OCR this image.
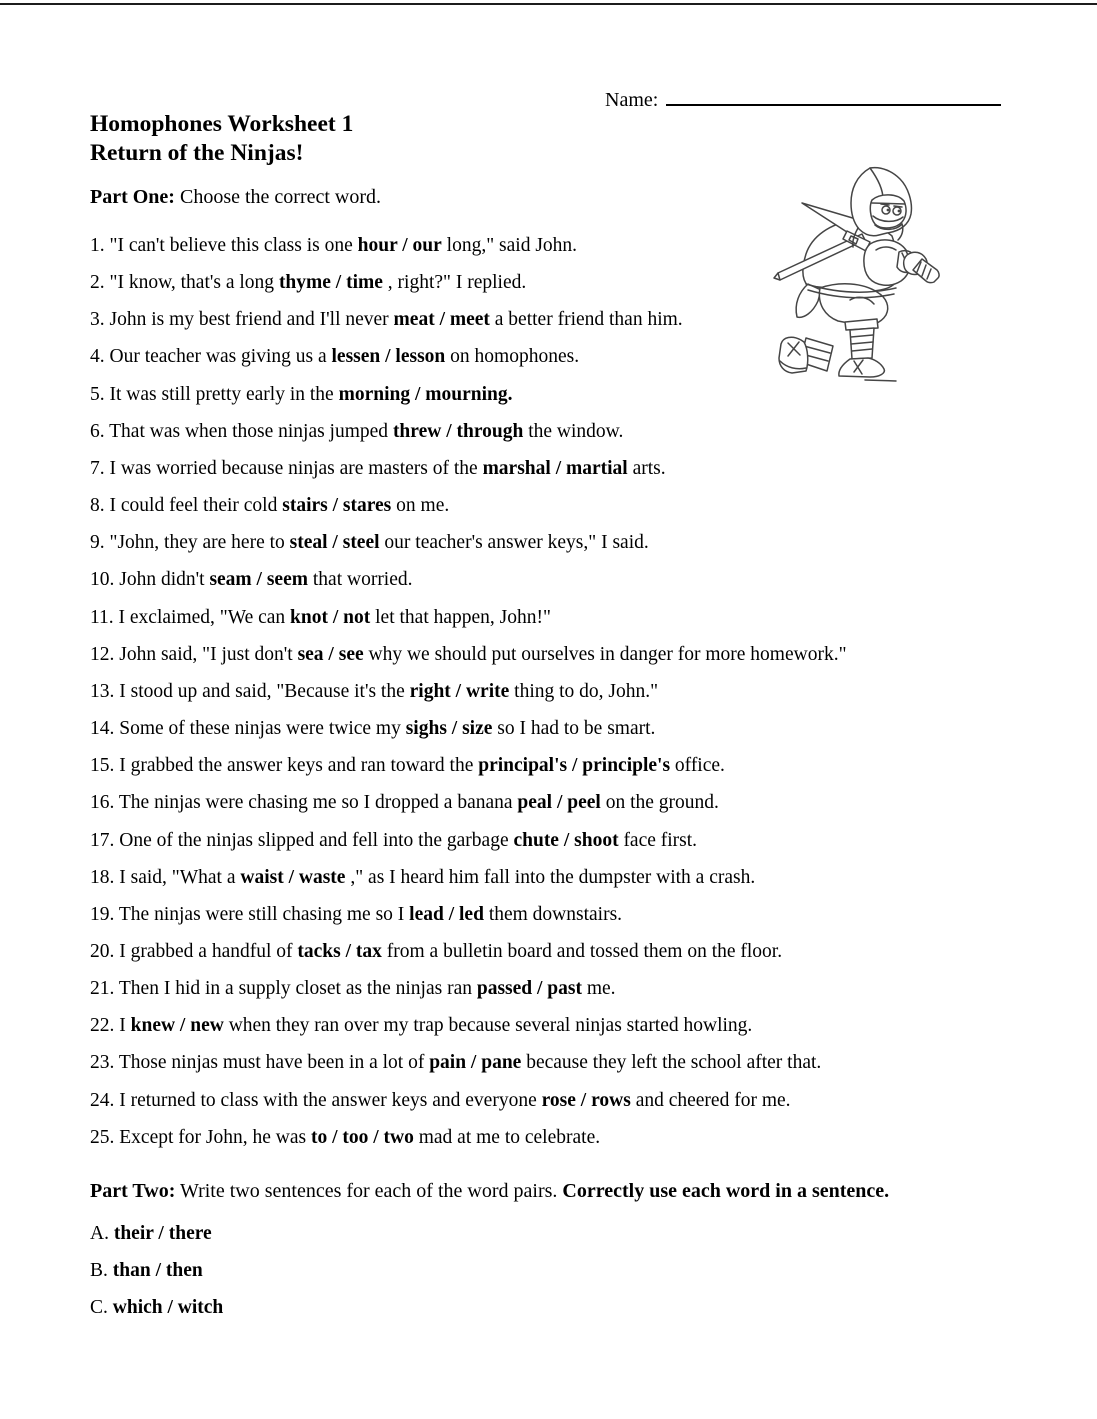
Name:
Homophones Worksheet 1
Return of the Ninjas!

Part One: Choose the correct word.

1. "I can't believe this class is one hour / our long," said John.
2. "I know, that's a long thyme / time , right?" I replied.
3. John is my best friend and I'll never meat / meet a better friend than him.
4. Our teacher was giving us a lessen / lesson on homophones.
5. It was still pretty early in the morning / mourning.
6. That was when those ninjas jumped threw / through the window.
7. I was worried because ninjas are masters of the marshal / martial arts.
8. I could feel their cold stairs / stares on me.
9. "John, they are here to steal / steel our teacher's answer keys," I said.
10. John didn't seam / seem that worried.
11. I exclaimed, "We can knot / not let that happen, John!"
12. John said, "I just don't sea / see why we should put ourselves in danger for more homework."
13. I stood up and said, "Because it's the right / write thing to do, John."
14. Some of these ninjas were twice my sighs / size so I had to be smart.
15. I grabbed the answer keys and ran toward the principal's / principle's office.
16. The ninjas were chasing me so I dropped a banana peal / peel on the ground.
17. One of the ninjas slipped and fell into the garbage chute / shoot face first.
18. I said, "What a waist / waste ," as I heard him fall into the dumpster with a crash.
19. The ninjas were still chasing me so I lead / led them downstairs.
20. I grabbed a handful of tacks / tax from a bulletin board and tossed them on the floor.
21. Then I hid in a supply closet as the ninjas ran passed / past me.
22. I knew / new when they ran over my trap because several ninjas started howling.
23. Those ninjas must have been in a lot of pain / pane because they left the school after that.
24. I returned to class with the answer keys and everyone rose / rows and cheered for me.
25. Except for John, he was to / too / two mad at me to celebrate.

Part Two: Write two sentences for each of the word pairs. Correctly use each word in a sentence.

A. their / there
B. than / then
C. which / witch
